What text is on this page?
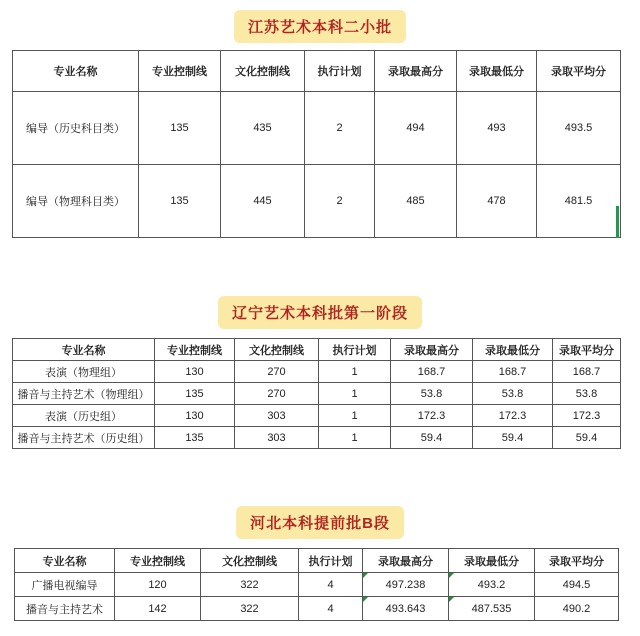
江苏艺术本科二小批
专业名称	专业控制线	文化控制线	执行计划	录取最高分	录取最低分	录取平均分
编导（历史科目类）	135	435	2	494	493	493.5
编导（物理科目类）	135	445	2	485	478	481.5
辽宁艺术本科批第一阶段
专业名称	专业控制线	文化控制线	执行计划	录取最高分	录取最低分	录取平均分
表演（物理组）	130	270	1	168.7	168.7	168.7
播音与主持艺术（物理组）	135	270	1	53.8	53.8	53.8
表演（历史组）	130	303	1	172.3	172.3	172.3
播音与主持艺术（历史组）	135	303	1	59.4	59.4	59.4
河北本科提前批B段
专业名称	专业控制线	文化控制线	执行计划	录取最高分	录取最低分	录取平均分
广播电视编导	120	322	4	497.238	493.2	494.5
播音与主持艺术	142	322	4	493.643	487.535	490.2
